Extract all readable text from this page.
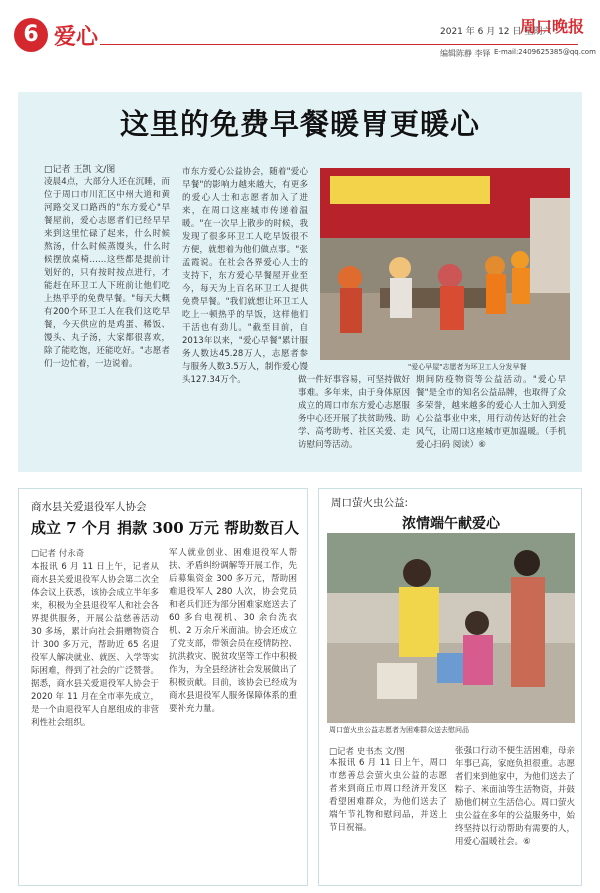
6 爱心	2021 年 6 月 12 日 星期六
周口晚报
编辑陈静 李铎 E-mail:2409625385@qq.com
这里的免费早餐暖胃更暖心
□记者 王凯 文/图
凌晨4点，大部分人还在沉睡，而位于周口市川汇区中州大道和黄河路交叉口路西的"东方爱心"早餐屋前，爱心志愿者们已经早早来到这里忙碌了起来，什么时候熬汤，什么时候蒸馒头，什么时候摆放桌椅……这些都是提前计划好的，只有按时按点进行，才能赶在环卫工人下班前让他们吃上热乎乎的免费早餐。"每天大概有200个环卫工人在我们这吃早餐，今天供应的是鸡蛋、稀饭、馒头、丸子汤，大家都很喜欢，除了能吃饱，还能吃好。"志愿者们一边忙着，一边说着。
市东方爱心公益协会，随着"爱心早餐"的影响力越来越大，有更多的爱心人士和志愿者加入了进来，在周口这座城市传递着温暖。"在一次早上散步的时候，我发现了很多环卫工人吃早饭很不方便，就想着为他们做点事。"张孟霞说。在社会各界爱心人士的支持下，东方爱心早餐屋开业至今，每天为上百名环卫工人提供免费早餐。"我们就想让环卫工人吃上一顿热乎的早饭，这样他们干活也有劲儿。"截至目前，自2013年以来，"爱心早餐"累计服务人数达45.28万人，志愿者参与服务人数3.5万人，制作爱心馒头127.34万个。
"爱心早屋"志愿者为环卫工人分发早餐
做一件好事容易，可坚持做好事难。多年来，由于身体原因成立的周口市东方爱心志愿服务中心还开展了扶贫助残、助学、高考助考、社区关爱、走访慰问等活动。
期间防疫物资等公益活动。"爱心早餐"是全市的知名公益品牌，也取得了众多荣誉，越来越多的爱心人士加入到爱心公益事业中来，用行动传达好的社会风气，让周口这座城市更加温暖。（手机爱心扫码 阅读）⑥
商水县关爱退役军人协会
成立 7 个月 捐款 300 万元 帮助数百人
□记者 付永奇
本报讯 6 月 11 日上午，记者从商水县关爱退役军人协会第二次全体会议上获悉，该协会成立半年多来，积极为全县退役军人和社会各界提供服务，开展公益慈善活动 30 多场，累计向社会捐赠物资合计 300 多万元，帮助近 65 名退役军人解决就业、就医、入学等实际困难，得到了社会的广泛赞誉。据悉，商水县关爱退役军人协会于 2020 年 11 月在全市率先成立，是一个由退役军人自愿组成的非营利性社会组织。
军人就业创业、困难退役军人帮扶、矛盾纠纷调解等开展工作，先后募集资金 300 多万元，帮助困难退役军人 280 人次，协会党员和老兵们还为部分困难家庭送去了 60 多台电视机、30 余台洗衣机、2 万余斤米面油。协会还成立了党支部，带领会员在疫情防控、抗洪救灾、脱贫攻坚等工作中积极作为，为全县经济社会发展做出了积极贡献。目前，该协会已经成为商水县退役军人服务保障体系的重要补充力量。
周口萤火虫公益:
浓情端午献爱心
周口萤火虫公益志愿者为困难群众送去慰问品
□记者 史书杰 文/图
本报讯 6 月 11 日上午，周口市慈善总会萤火虫公益的志愿者来到商丘市周口经济开发区看望困难群众，为他们送去了端午节礼物和慰问品，并送上节日祝福。
张强口行动不便生活困难，母亲年事已高，家庭负担很重。志愿者们来到他家中，为他们送去了粽子、米面油等生活物资，并鼓励他们树立生活信心。周口萤火虫公益在多年的公益服务中，始终坚持以行动帮助有需要的人，用爱心温暖社会。⑥
